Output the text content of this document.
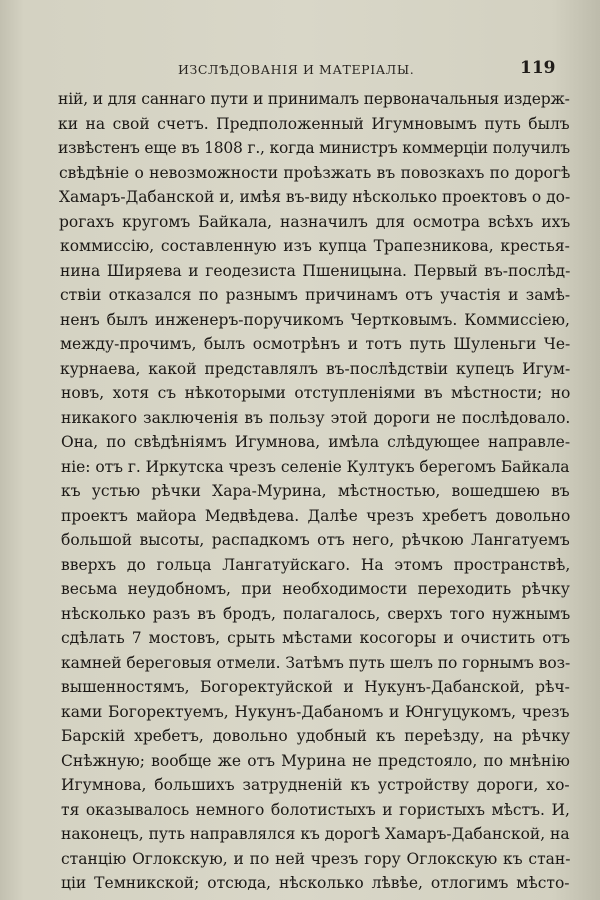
ИЗСЛѢДОВАНІЯ И МАТЕРІАЛЫ.	119
ній, и для саннаго пути и принималъ первоначальныя издерж-
ки на свой счетъ. Предположенный Игумновымъ путь былъ
извѣстенъ еще въ 1808 г., когда министръ коммерціи получилъ
свѣдѣніе о невозможности проѣзжать въ повозкахъ по дорогѣ
Хамаръ-Дабанской и, имѣя въ-виду нѣсколько проектовъ о до-
рогахъ кругомъ Байкала, назначилъ для осмотра всѣхъ ихъ
коммиссію, составленную изъ купца Трапезникова, крестья-
нина Ширяева и геодезиста Пшеницына. Первый въ-послѣд-
ствіи отказался по разнымъ причинамъ отъ участія и замѣ-
ненъ былъ инженеръ-поручикомъ Чертковымъ. Коммиссіею,
между-прочимъ, былъ осмотрѣнъ и тотъ путь Шуленьги Че-
курнаева, какой представлялъ въ-послѣдствіи купецъ Игум-
новъ, хотя съ нѣкоторыми отступленіями въ мѣстности; но
никакого заключенія въ пользу этой дороги не послѣдовало.
Она, по свѣдѣніямъ Игумнова, имѣла слѣдующее направле-
ніе: отъ г. Иркутска чрезъ селеніе Култукъ берегомъ Байкала
къ устью рѣчки Хара-Мурина, мѣстностью, вошедшею въ
проектъ майора Медвѣдева. Далѣе чрезъ хребетъ довольно
большой высоты, распадкомъ отъ него, рѣчкою Лангатуемъ
вверхъ до гольца Лангатуйскаго. На этомъ пространствѣ,
весьма неудобномъ, при необходимости переходить рѣчку
нѣсколько разъ въ бродъ, полагалось, сверхъ того нужнымъ
сдѣлать 7 мостовъ, срыть мѣстами косогоры и очистить отъ
камней береговыя отмели. Затѣмъ путь шелъ по горнымъ воз-
вышенностямъ, Богоректуйской и Нукунъ-Дабанской, рѣч-
ками Богоректуемъ, Нукунъ-Дабаномъ и Юнгуцукомъ, чрезъ
Барскій хребетъ, довольно удобный къ переѣзду, на рѣчку
Снѣжную; вообще же отъ Мурина не предстояло, по мнѣнію
Игумнова, большихъ затрудненій къ устройству дороги, хо-
тя оказывалось немного болотистыхъ и гористыхъ мѣстъ. И,
наконецъ, путь направлялся къ дорогѣ Хамаръ-Дабанской, на
станцію Оглокскую, и по ней чрезъ гору Оглокскую къ стан-
ціи Темникской; отсюда, нѣсколько лѣвѣе, отлогимъ мѣсто-
